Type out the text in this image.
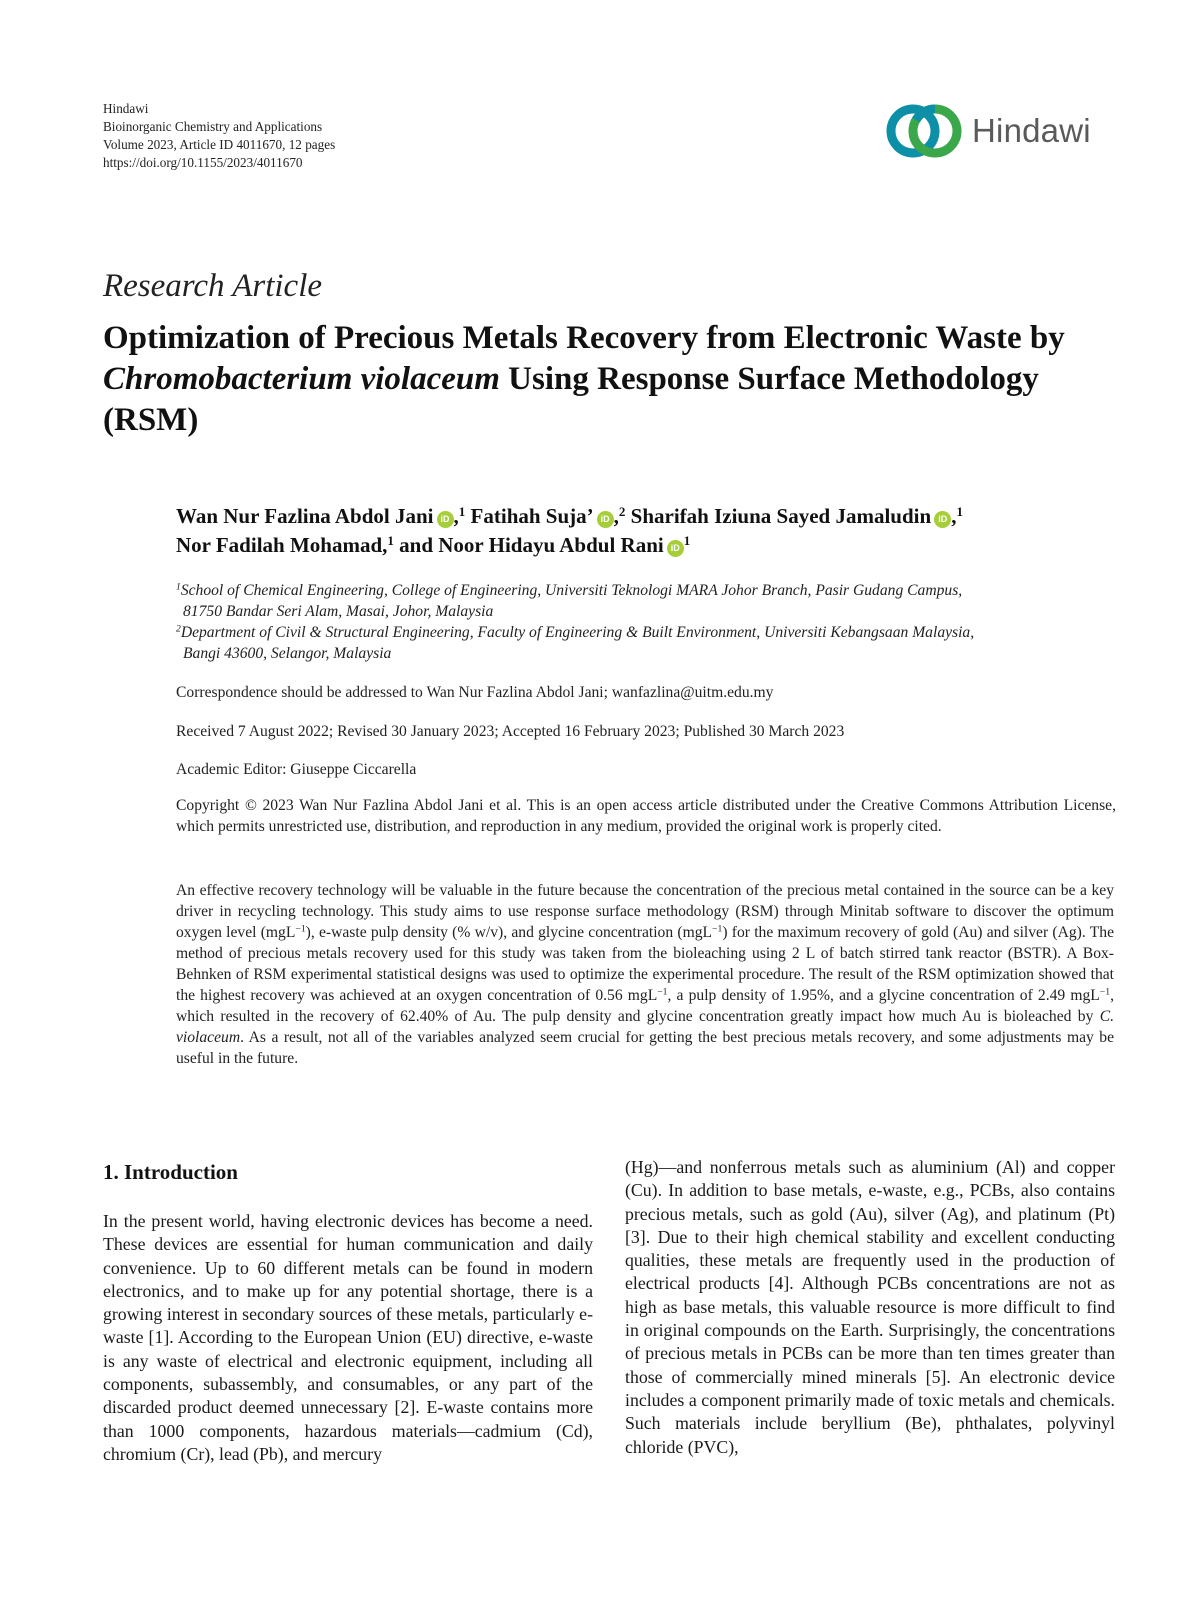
Hindawi
Bioinorganic Chemistry and Applications
Volume 2023, Article ID 4011670, 12 pages
https://doi.org/10.1155/2023/4011670
Hindawi
Research Article
Optimization of Precious Metals Recovery from Electronic Waste by Chromobacterium violaceum Using Response Surface Methodology (RSM)
Wan Nur Fazlina Abdol Jani iD ,$^1$ Fatihah Suja’ iD ,$^2$ Sharifah Iziuna Sayed Jamaludin iD ,$^1$
Nor Fadilah Mohamad,$^1$ and Noor Hidayu Abdul Rani $iD^1$
$^1$School of Chemical Engineering, College of Engineering, Universiti Teknologi MARA Johor Branch, Pasir Gudang Campus,
81750 Bandar Seri Alam, Masai, Johor, Malaysia
$^2$Department of Civil & Structural Engineering, Faculty of Engineering & Built Environment, Universiti Kebangsaan Malaysia,
Bangi 43600, Selangor, Malaysia
Correspondence should be addressed to Wan Nur Fazlina Abdol Jani; wanfazlina@uitm.edu.my
Received 7 August 2022; Revised 30 January 2023; Accepted 16 February 2023; Published 30 March 2023
Academic Editor: Giuseppe Ciccarella
Copyright © 2023 Wan Nur Fazlina Abdol Jani et al. This is an open access article distributed under the Creative Commons Attribution License, which permits unrestricted use, distribution, and reproduction in any medium, provided the original work is properly cited.
An effective recovery technology will be valuable in the future because the concentration of the precious metal contained in the source can be a key driver in recycling technology. This study aims to use response surface methodology (RSM) through Minitab software to discover the optimum oxygen level (mgL$^{-1}$), e-waste pulp density (% w/v), and glycine concentration (mgL$^{-1}$) for the maximum recovery of gold (Au) and silver (Ag). The method of precious metals recovery used for this study was taken from the bioleaching using 2 L of batch stirred tank reactor (BSTR). A Box-Behnken of RSM experimental statistical designs was used to optimize the experimental procedure. The result of the RSM optimization showed that the highest recovery was achieved at an oxygen concentration of 0.56 mgL$^{-1}$, a pulp density of 1.95%, and a glycine concentration of 2.49 mgL$^{-1}$, which resulted in the recovery of 62.40% of Au. The pulp density and glycine concentration greatly impact how much Au is bioleached by C. violaceum. As a result, not all of the variables analyzed seem crucial for getting the best precious metals recovery, and some adjustments may be useful in the future.
1. Introduction
In the present world, having electronic devices has become a need. These devices are essential for human communication and daily convenience. Up to 60 different metals can be found in modern electronics, and to make up for any potential shortage, there is a growing interest in secondary sources of these metals, particularly e-waste [1]. According to the European Union (EU) directive, e-waste is any waste of electrical and electronic equipment, including all components, subassembly, and consumables, or any part of the discarded product deemed unnecessary [2]. E-waste contains more than 1000 components, hazardous materials—cadmium (Cd), chromium (Cr), lead (Pb), and mercury
(Hg)—and nonferrous metals such as aluminium (Al) and copper (Cu). In addition to base metals, e-waste, e.g., PCBs, also contains precious metals, such as gold (Au), silver (Ag), and platinum (Pt) [3]. Due to their high chemical stability and excellent conducting qualities, these metals are frequently used in the production of electrical products [4]. Although PCBs concentrations are not as high as base metals, this valuable resource is more difficult to find in original compounds on the Earth. Surprisingly, the concentrations of precious metals in PCBs can be more than ten times greater than those of commercially mined minerals [5]. An electronic device includes a component primarily made of toxic metals and chemicals. Such materials include beryllium (Be), phthalates, polyvinyl chloride (PVC),
